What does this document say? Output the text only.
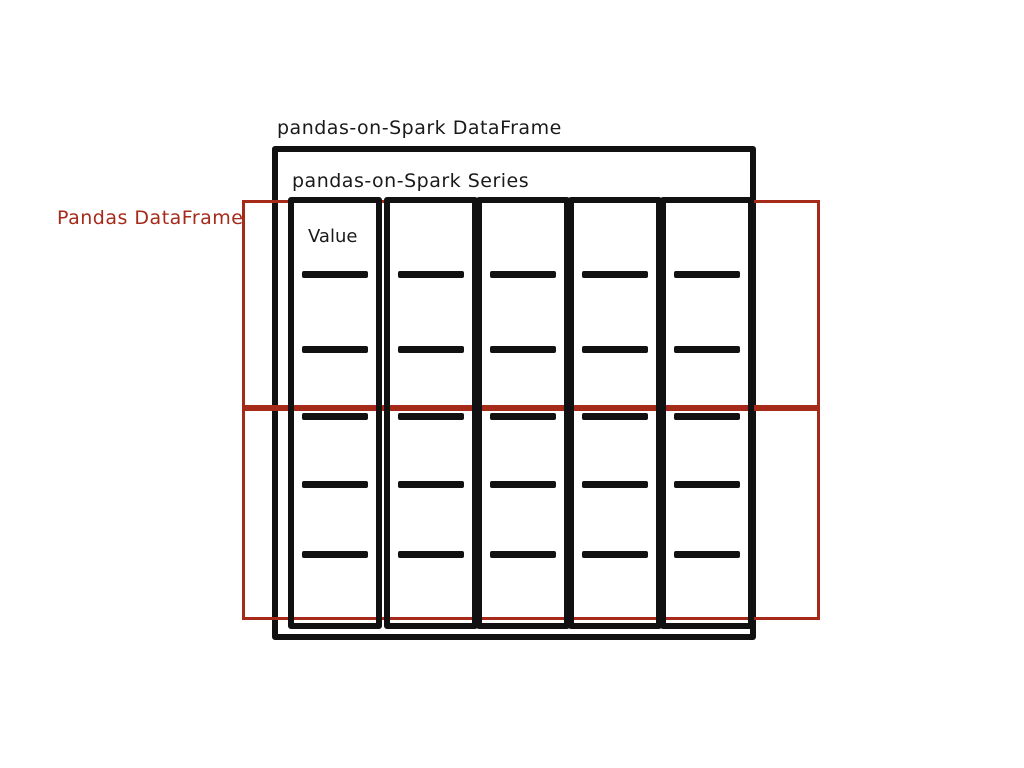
pandas-on-Spark DataFrame
pandas-on-Spark Series
Pandas DataFrame
Value
